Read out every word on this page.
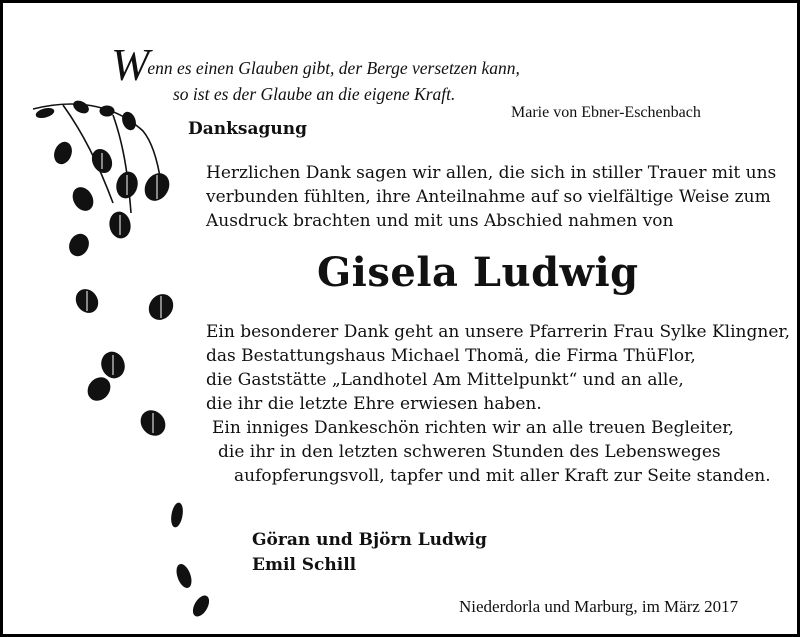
Wenn es einen Glauben gibt, der Berge versetzen kann,
so ist es der Glaube an die eigene Kraft.
Marie von Ebner-Eschenbach
Danksagung
Herzlichen Dank sagen wir allen, die sich in stiller Trauer mit uns
verbunden fühlten, ihre Anteilnahme auf so vielfältige Weise zum
Ausdruck brachten und mit uns Abschied nahmen von
Gisela Ludwig
Ein besonderer Dank geht an unsere Pfarrerin Frau Sylke Klingner,
das Bestattungshaus Michael Thomä, die Firma ThüFlor,
die Gaststätte „Landhotel Am Mittelpunkt“ und an alle,
die ihr die letzte Ehre erwiesen haben.
Ein inniges Dankeschön richten wir an alle treuen Begleiter,
die ihr in den letzten schweren Stunden des Lebensweges
aufopferungsvoll, tapfer und mit aller Kraft zur Seite standen.
Göran und Björn Ludwig
Emil Schill
Niederdorla und Marburg, im März 2017
